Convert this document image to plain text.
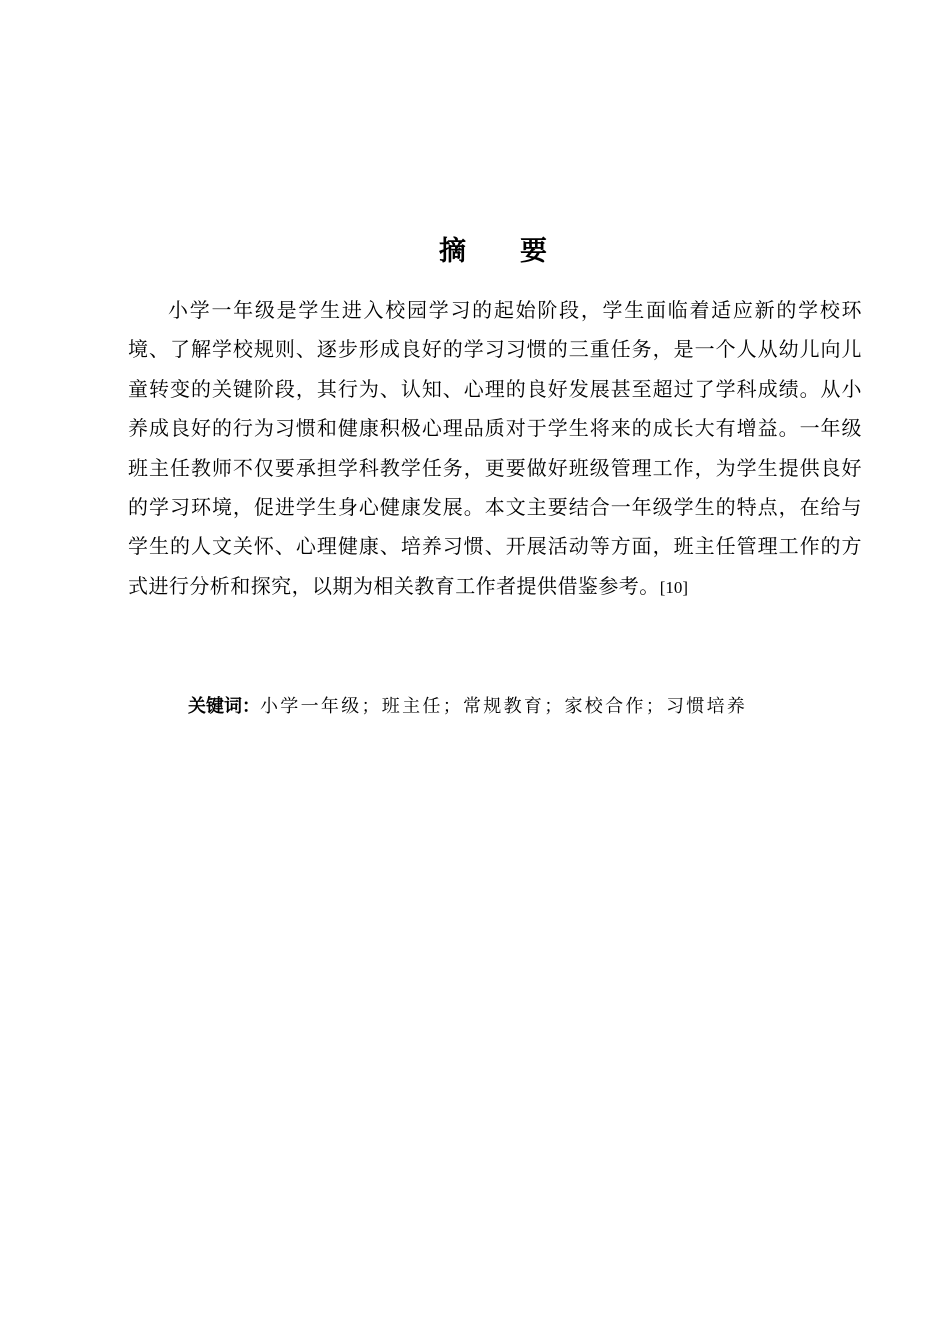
摘　　要

小学一年级是学生进入校园学习的起始阶段，学生面临着适应新的学校环境、了解学校规则、逐步形成良好的学习习惯的三重任务，是一个人从幼儿向儿童转变的关键阶段，其行为、认知、心理的良好发展甚至超过了学科成绩。从小养成良好的行为习惯和健康积极心理品质对于学生将来的成长大有增益。一年级班主任教师不仅要承担学科教学任务，更要做好班级管理工作，为学生提供良好的学习环境，促进学生身心健康发展。本文主要结合一年级学生的特点，在给与学生的人文关怀、心理健康、培养习惯、开展活动等方面，班主任管理工作的方式进行分析和探究，以期为相关教育工作者提供借鉴参考。[10]

关键词：小学一年级；班主任；常规教育；家校合作；习惯培养
